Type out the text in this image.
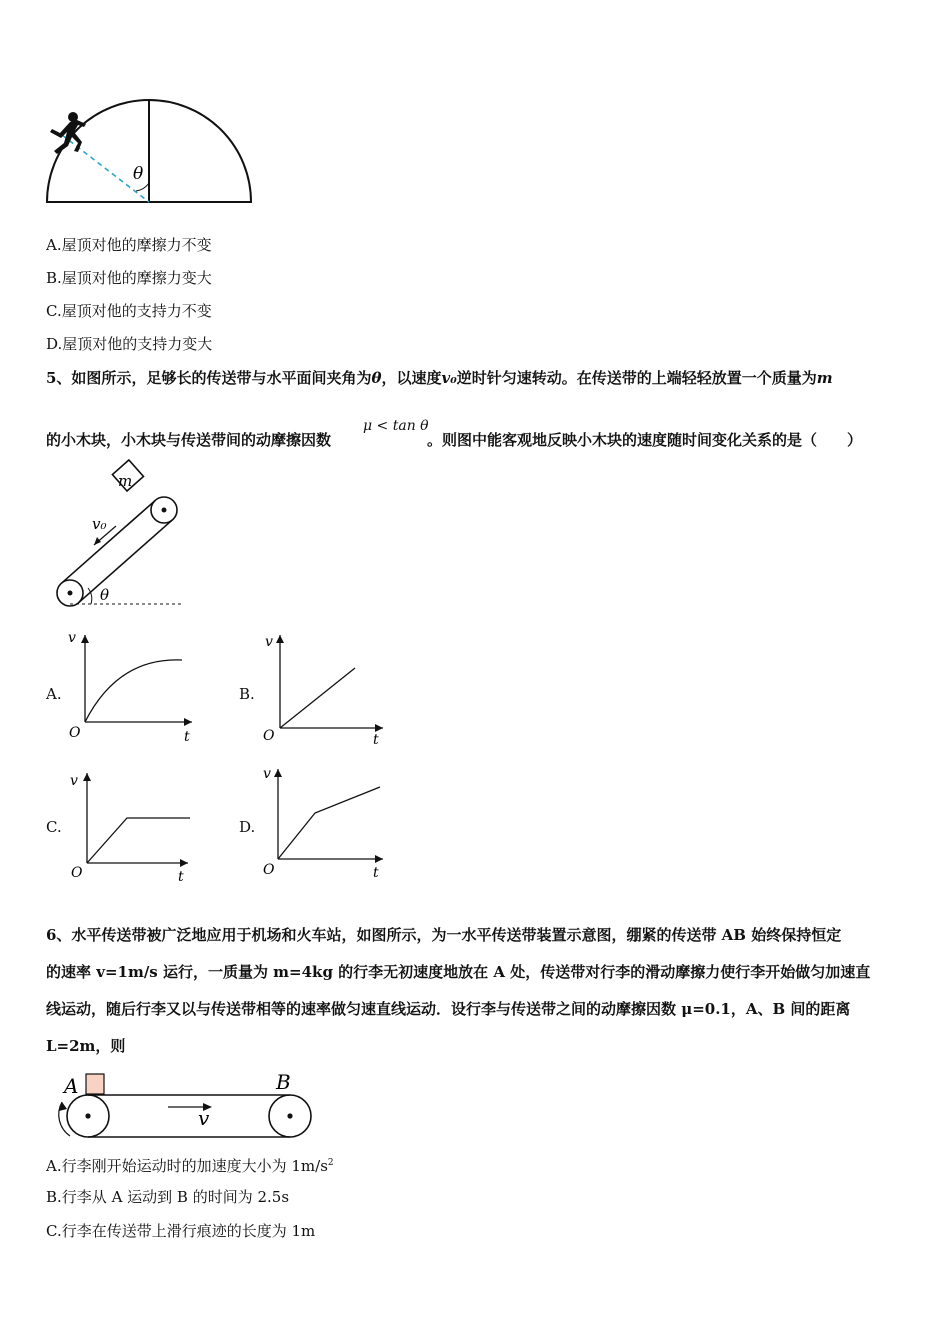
θ
A.屋顶对他的摩擦力不变
B.屋顶对他的摩擦力变大
C.屋顶对他的支持力不变
D.屋顶对他的支持力变大
5、如图所示，足够长的传送带与水平面间夹角为θ，以速度v₀逆时针匀速转动。在传送带的上端轻轻放置一个质量为m
μ < tan θ
的小木块，小木块与传送带间的动摩擦因数	。则图中能客观地反映小木块的速度随时间变化关系的是（　　）
m
v₀
θ
A.
v
O	t
B.
v
O	t
C.
v
O	t
D.
v
O	t
6、水平传送带被广泛地应用于机场和火车站，如图所示，为一水平传送带装置示意图，绷紧的传送带 AB 始终保持恒定
的速率 v=1m/s 运行，一质量为 m=4kg 的行李无初速度地放在 A 处，传送带对行李的滑动摩擦力使行李开始做匀加速直
线运动，随后行李又以与传送带相等的速率做匀速直线运动．设行李与传送带之间的动摩擦因数 μ=0.1，A、B 间的距离
L=2m，则
A	B
v
A.行李刚开始运动时的加速度大小为 $1m/s^2$
B.行李从 A 运动到 B 的时间为 2.5s
C.行李在传送带上滑行痕迹的长度为 1m
